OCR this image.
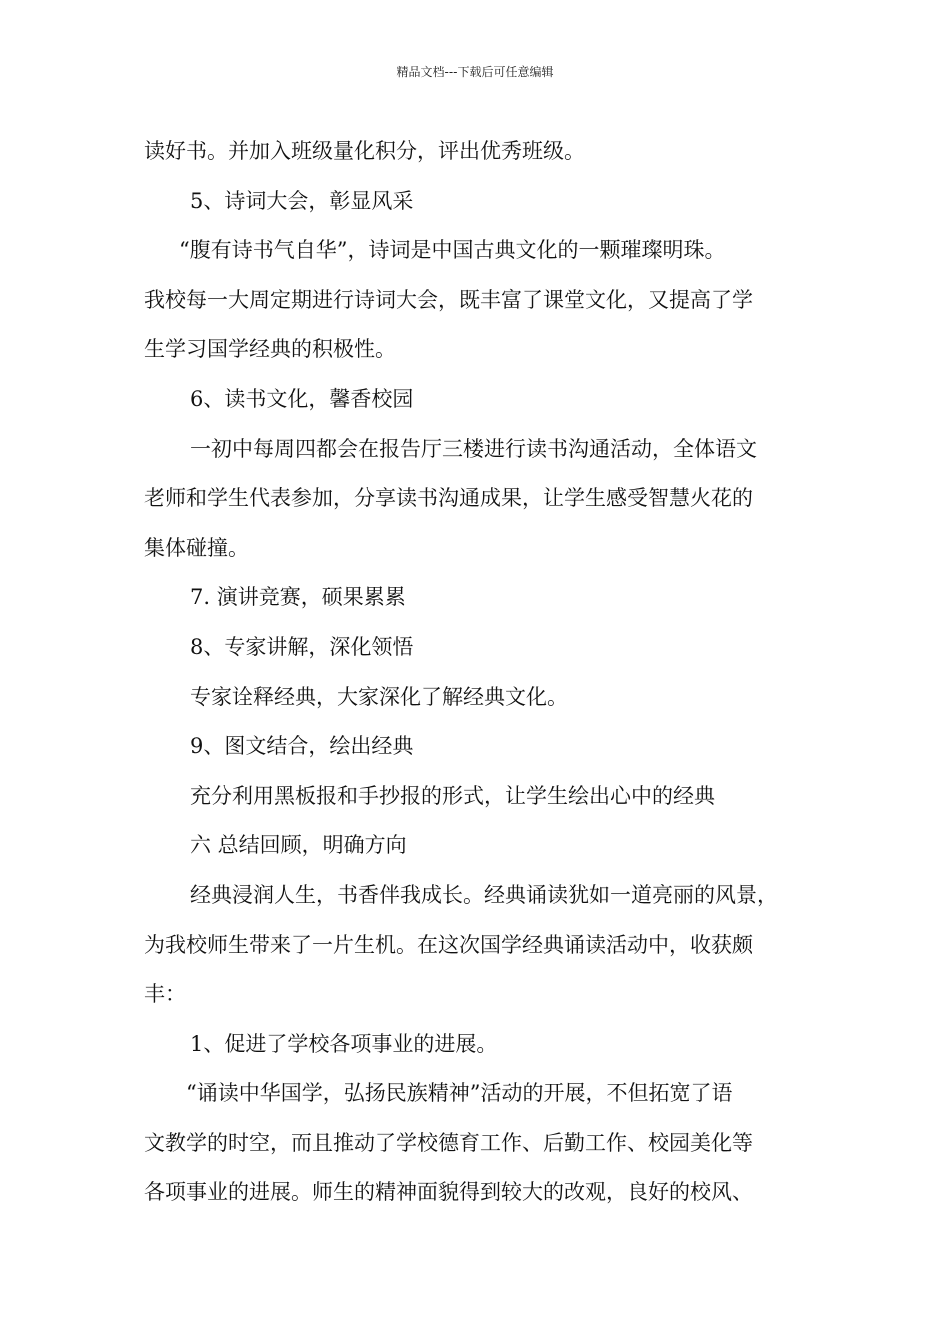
精品文档---下载后可任意编辑
读好书。并加入班级量化积分，评出优秀班级。
5、诗词大会，彰显风采
“腹有诗书气自华”，诗词是中国古典文化的一颗璀璨明珠。
我校每一大周定期进行诗词大会，既丰富了课堂文化，又提高了学
生学习国学经典的积极性。
6、读书文化，馨香校园
一初中每周四都会在报告厅三楼进行读书沟通活动，全体语文
老师和学生代表参加，分享读书沟通成果，让学生感受智慧火花的
集体碰撞。
7. 演讲竞赛，硕果累累
8、专家讲解，深化领悟
专家诠释经典，大家深化了解经典文化。
9、图文结合，绘出经典
充分利用黑板报和手抄报的形式，让学生绘出心中的经典
六 总结回顾，明确方向
经典浸润人生，书香伴我成长。经典诵读犹如一道亮丽的风景，
为我校师生带来了一片生机。在这次国学经典诵读活动中，收获颇
丰：
1、促进了学校各项事业的进展。
“诵读中华国学，弘扬民族精神”活动的开展，不但拓宽了语
文教学的时空，而且推动了学校德育工作、后勤工作、校园美化等
各项事业的进展。师生的精神面貌得到较大的改观，良好的校风、
